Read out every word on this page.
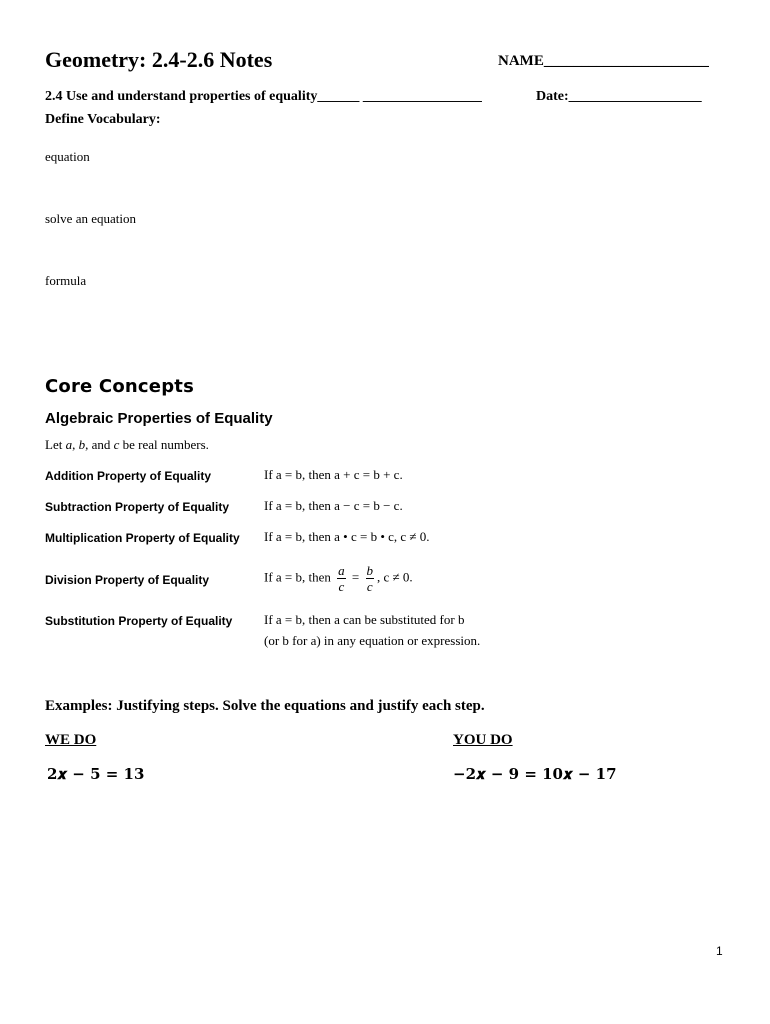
Geometry: 2.4-2.6 Notes	NAME______________________
2.4 Use and understand properties of equality______ _________________	Date:___________________
Define Vocabulary:
equation
solve an equation
formula
Core Concepts
Algebraic Properties of Equality
Let a, b, and c be real numbers.
Addition Property of Equality	If a = b, then a + c = b + c.
Subtraction Property of Equality	If a = b, then a − c = b − c.
Multiplication Property of Equality If a = b, then a • c = b • c, c ≠ 0.
Division Property of Equality	If a = b, then $\frac{a}{c} = \frac{b}{c}$ , c ≠ 0.
Substitution Property of Equality If a = b, then a can be substituted for b
(or b for a) in any equation or expression.
Examples: Justifying steps. Solve the equations and justify each step.
WE DO	YOU DO
2𝒙 − 5 = 13	−2𝒙 − 9 = 10𝒙 − 17
1
